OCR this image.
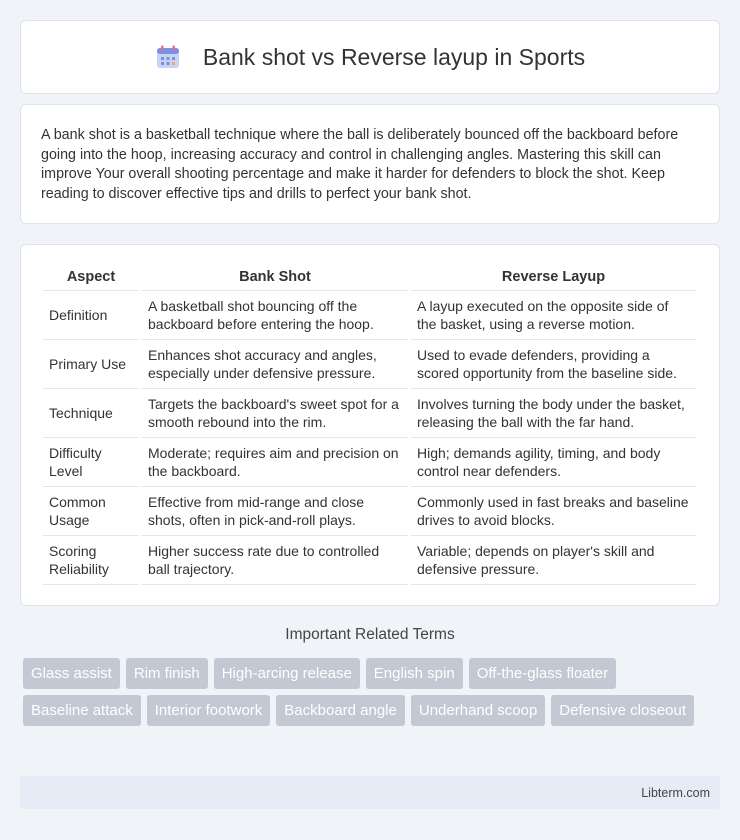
Bank shot vs Reverse layup in Sports

A bank shot is a basketball technique where the ball is deliberately bounced off the backboard before going into the hoop, increasing accuracy and control in challenging angles. Mastering this skill can improve Your overall shooting percentage and make it harder for defenders to block the shot. Keep reading to discover effective tips and drills to perfect your bank shot.

Aspect	Bank Shot	Reverse Layup
Definition	A basketball shot bouncing off the backboard before entering the hoop.	A layup executed on the opposite side of the basket, using a reverse motion.
Primary Use	Enhances shot accuracy and angles, especially under defensive pressure.	Used to evade defenders, providing a scored opportunity from the baseline side.
Technique	Targets the backboard's sweet spot for a smooth rebound into the rim.	Involves turning the body under the basket, releasing the ball with the far hand.
Difficulty Level	Moderate; requires aim and precision on the backboard.	High; demands agility, timing, and body control near defenders.
Common Usage	Effective from mid-range and close shots, often in pick-and-roll plays.	Commonly used in fast breaks and baseline drives to avoid blocks.
Scoring Reliability	Higher success rate due to controlled ball trajectory.	Variable; depends on player's skill and defensive pressure.
Important Related Terms
Glass assist	Rim finish	High-arcing release	English spin	Off-the-glass floater
Baseline attack	Interior footwork	Backboard angle	Underhand scoop	Defensive closeout
Libterm.com
